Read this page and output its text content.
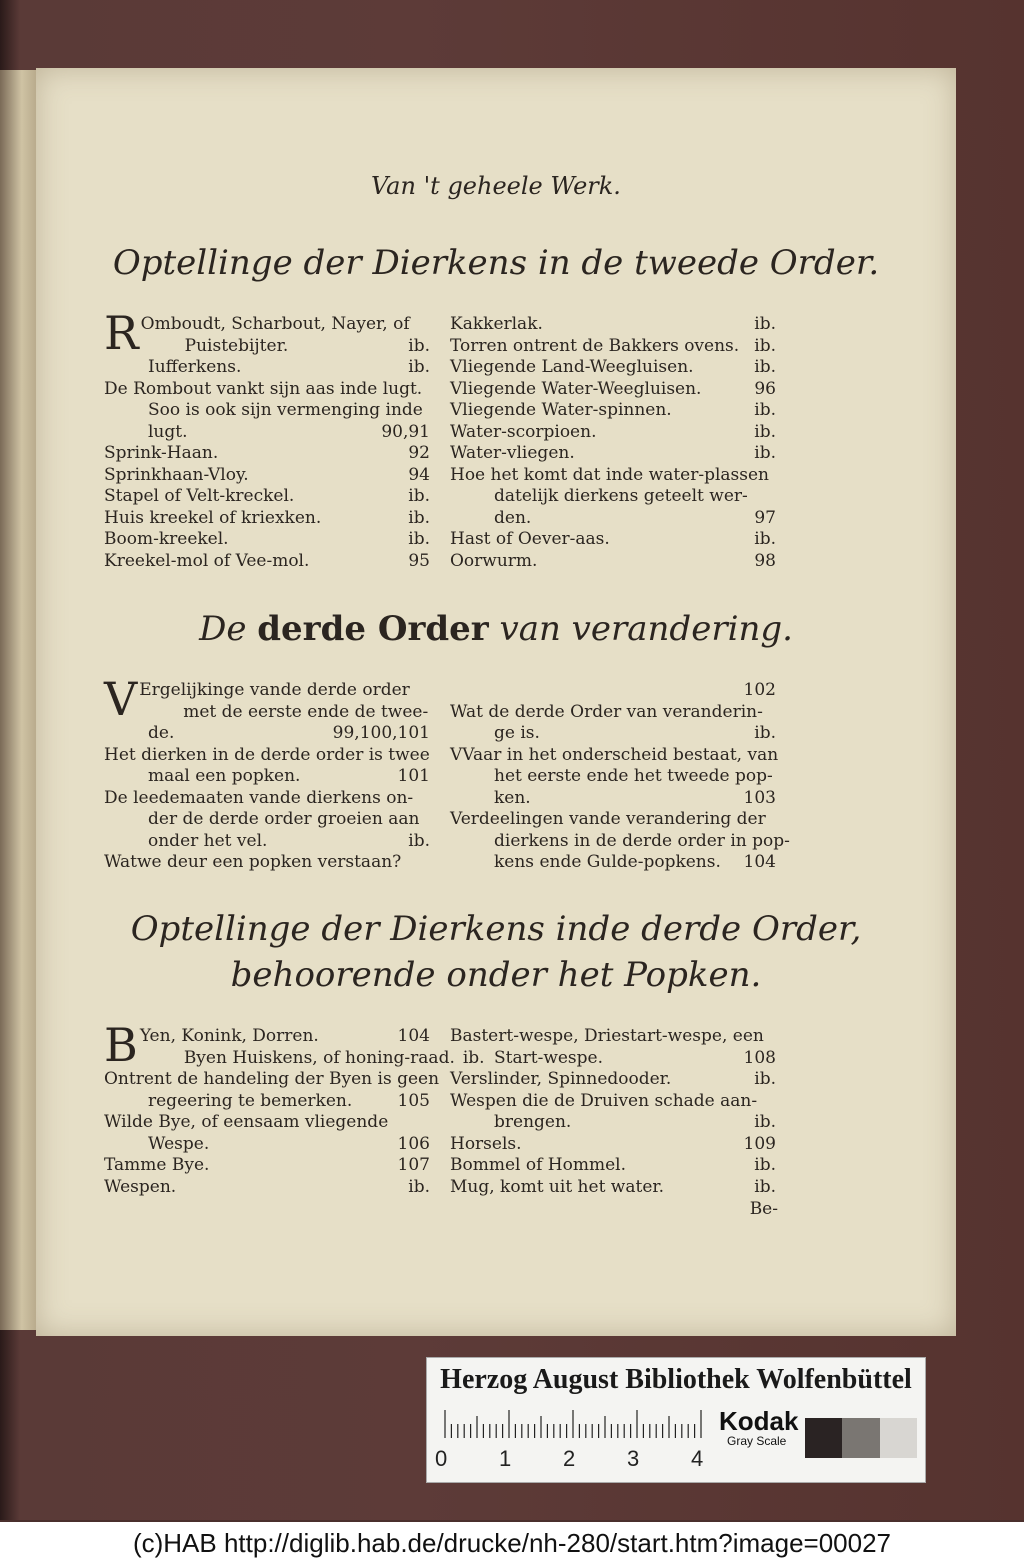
Van 't geheele Werk.
Optellinge der Dierkens in de tweede Order.
R Omboudt, Scharbout, Nayer, of
Puistebijter.	ib.
Iufferkens.	ib.
De Rombout vankt sijn aas inde lugt.
Soo is ook sijn vermenging inde
lugt.	90,91
Sprink-Haan.	92
Sprinkhaan-Vloy.	94
Stapel of Velt-kreckel.	ib.
Huis kreekel of kriexken.	ib.
Boom-kreekel.	ib.
Kreekel-mol of Vee-mol.	95
Kakkerlak.	ib.
Torren ontrent de Bakkers ovens. ib.
Vliegende Land-Weegluisen.	ib.
Vliegende Water-Weegluisen.	96
Vliegende Water-spinnen.	ib.
Water-scorpioen.	ib.
Water-vliegen.	ib.
Hoe het komt dat inde water-plassen
datelijk dierkens geteelt wer-
den.	97
Hast of Oever-aas.	ib.
Oorwurm.	98
De derde Order van verandering.
V Ergelijkinge vande derde order
met de eerste ende de twee-
de.	99,100,101
Het dierken in de derde order is twee
maal een popken.	101
De leedemaaten vande dierkens on-
der de derde order groeien aan
onder het vel.	ib.
Watwe deur een popken verstaan?
102
Wat de derde Order van veranderin-
ge is.	ib.
VVaar in het onderscheid bestaat, van
het eerste ende het tweede pop-
ken.	103
Verdeelingen vande verandering der
dierkens in de derde order in pop-
kens ende Gulde-popkens.	104
Optellinge der Dierkens inde derde Order,
behoorende onder het Popken.
B Yen, Konink, Dorren.	104
Byen Huiskens, of honing-raad. ib.
Ontrent de handeling der Byen is geen
regeering te bemerken.	105
Wilde Bye, of eensaam vliegende
Wespe.	106
Tamme Bye.	107
Wespen.	ib.
Bastert-wespe, Driestart-wespe, een
Start-wespe.	108
Verslinder, Spinnedooder.	ib.
Wespen die de Druiven schade aan-
brengen.	ib.
Horsels.	109
Bommel of Hommel.	ib.
Mug, komt uit het water.	ib.
Be-
Herzog August Bibliothek Wolfenbüttel
0 1 2 3 4
Kodak
Gray Scale
(c)HAB http://diglib.hab.de/drucke/nh-280/start.htm?image=00027
